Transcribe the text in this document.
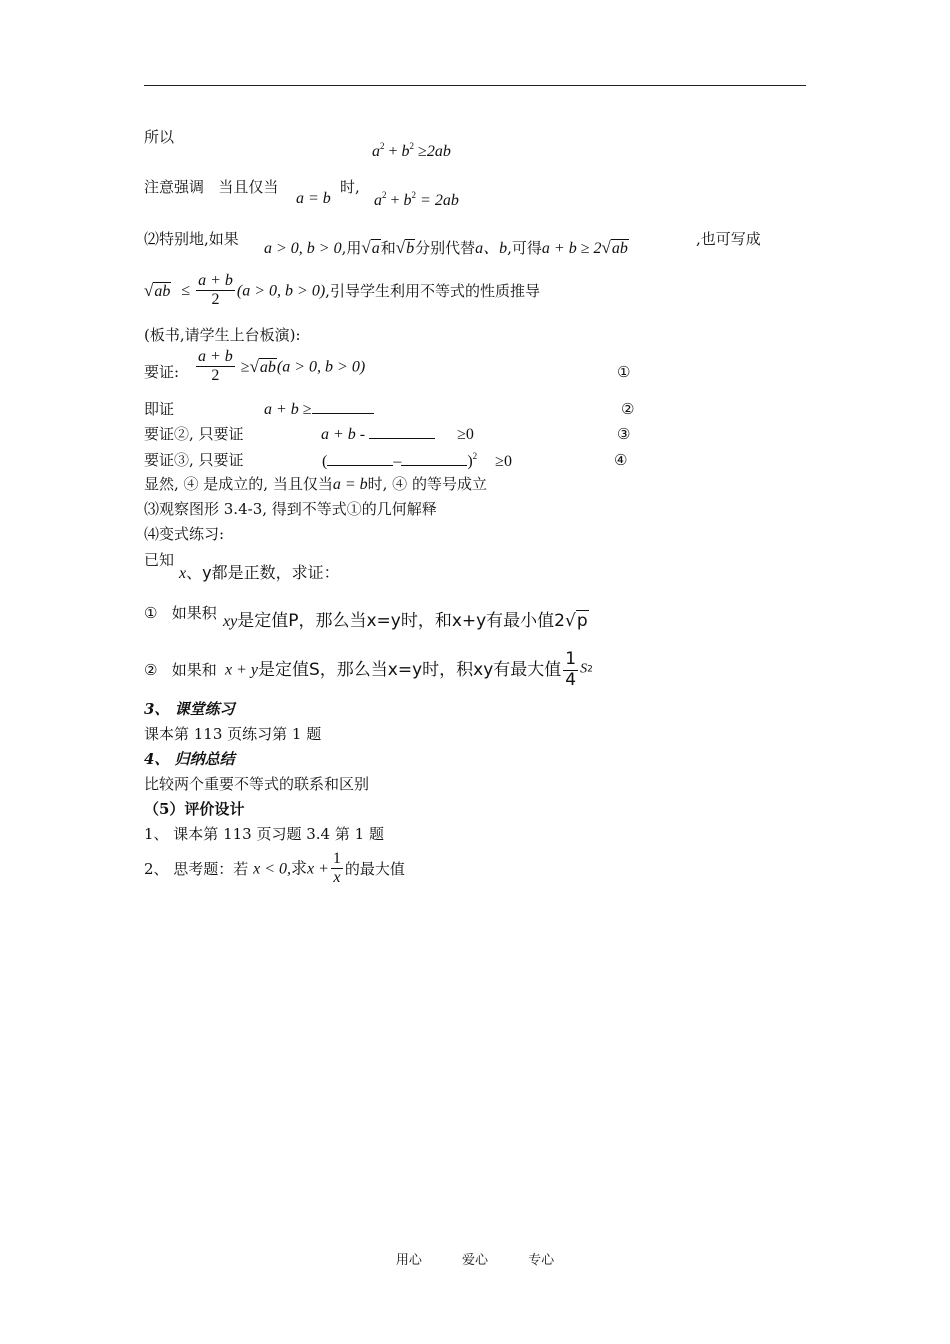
所以
$a^2 + b^2 \ge 2ab$
注意强调 当且仅当
a = b
时,
$a^2 + b^2 = 2ab$
⑵特别地,如果
a > 0, b > 0,用√a和√b分别代替a、b,可得a + b ≥ 2√ab
,也可写成
$√ab \le \frac{a + b}{2} (a > 0$, b > 0),引导学生利用不等式的性质推导
(板书,请学生上台板演):
要证: $\frac{a + b}{2} \ge√ab(a > 0$, b > 0)	①
即证	a + b ≥	②
要证②, 只要证	a + b -	≥0	③
要证③, 只要证	(	–	)$^2$ ≥0	④
显然, ④ 是成立的, 当且仅当a = b时, ④ 的等号成立
⑶观察图形 3.4-3, 得到不等式①的几何解释
⑷变式练习:
已知
x、y都是正数，求证：
① 如果积 xy是定值P，那么当x=y时，和x+y有最小值2√p
② 如果和 x + y是定值S，那么当x=y时，积xy有最大值 $\frac{1}{4} S2$
3、 课堂练习
课本第 113 页练习第 1 题
4、 归纳总结
比较两个重要不等式的联系和区别
（5）评价设计
1、 课本第 113 页习题 3.4 第 1 题
2、 思考题：若 x < 0,求$x + \frac{1}{x}$ 的最大值
用心	爱心	专心
